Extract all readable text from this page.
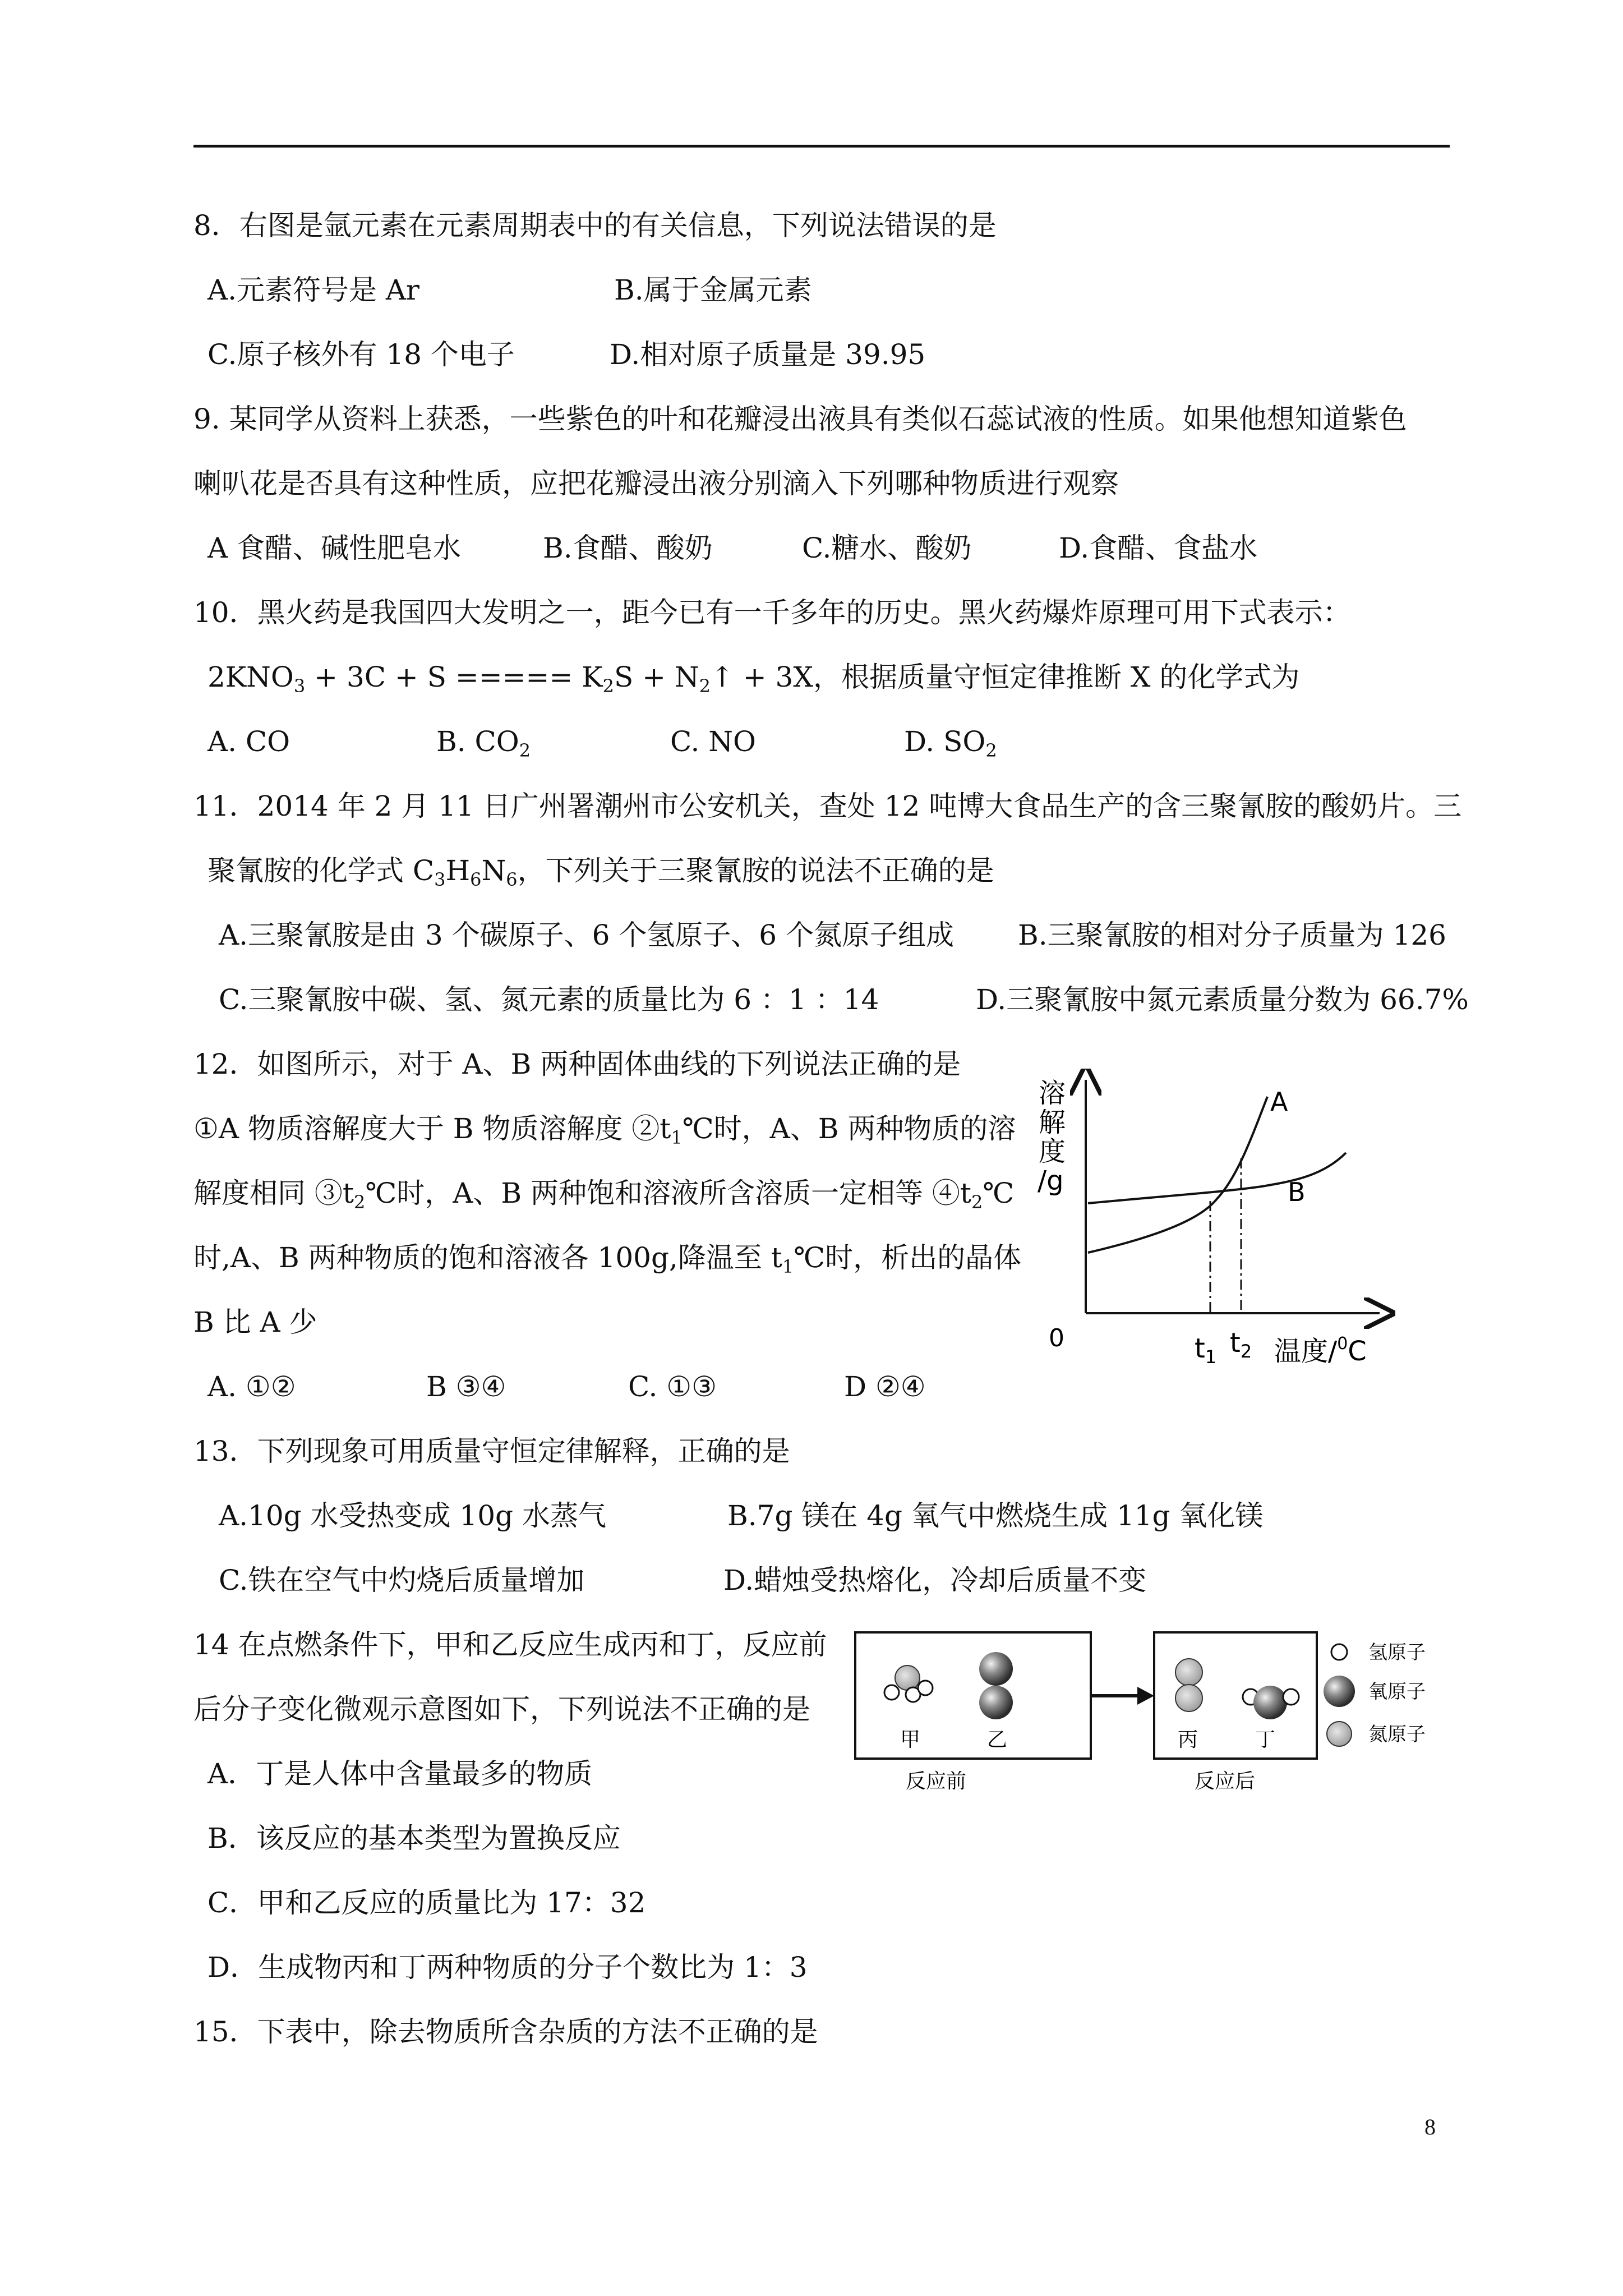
8．右图是氩元素在元素周期表中的有关信息，下列说法错误的是
A.元素符号是 Ar	B.属于金属元素
C.原子核外有 18 个电子	D.相对原子质量是 39.95
9. 某同学从资料上获悉，一些紫色的叶和花瓣浸出液具有类似石蕊试液的性质。如果他想知道紫色
喇叭花是否具有这种性质，应把花瓣浸出液分别滴入下列哪种物质进行观察
A 食醋、碱性肥皂水	B.食醋、酸奶	C.糖水、酸奶	D.食醋、食盐水
10．黑火药是我国四大发明之一，距今已有一千多年的历史。黑火药爆炸原理可用下式表示：
$2KNO_3 + 3C + S$ ===== $K_2S$ + $N_2↑ + 3X$，根据质量守恒定律推断 X 的化学式为
A. CO	B. $CO_2$	C. NO	D. $SO_2$
11．2014 年 2 月 11 日广州署潮州市公安机关，查处 12 吨博大食品生产的含三聚氰胺的酸奶片。三
聚氰胺的化学式 $C_3H_6N_6$，下列关于三聚氰胺的说法不正确的是
A.三聚氰胺是由 3 个碳原子、6 个氢原子、6 个氮原子组成 B.三聚氰胺的相对分子质量为 126
C.三聚氰胺中碳、氢、氮元素的质量比为 6 ：1 ：14	D.三聚氰胺中氮元素质量分数为 66.7%
12．如图所示，对于 A、B 两种固体曲线的下列说法正确的是
①A 物质溶解度大于 B 物质溶解度 $②t_1℃$时，A、B 两种物质的溶
解度相同 $③t_2℃$时，A、B 两种饱和溶液所含溶质一定相等 $④t_2℃$
时,A、B 两种物质的饱和溶液各 100g,降温至 $t_1℃$时，析出的晶体
B 比 A 少
A. ①②	B ③④	C. ①③	D ②④
溶
解
度
/g
0	$t_1$ $t_2$ 温度/$^0$C
A
B
13．下列现象可用质量守恒定律解释，正确的是
A.10g 水受热变成 10g 水蒸气	B.7g 镁在 4g 氧气中燃烧生成 11g 氧化镁
C.铁在空气中灼烧后质量增加	D.蜡烛受热熔化，冷却后质量不变
14 在点燃条件下，甲和乙反应生成丙和丁，反应前
后分子变化微观示意图如下，下列说法不正确的是
A．丁是人体中含量最多的物质
B．该反应的基本类型为置换反应
C．甲和乙反应的质量比为 17：32
D．生成物丙和丁两种物质的分子个数比为 1：3
甲	乙
反应前
丙	丁
反应后
氢原子
氧原子
氮原子
15．下表中，除去物质所含杂质的方法不正确的是
8
